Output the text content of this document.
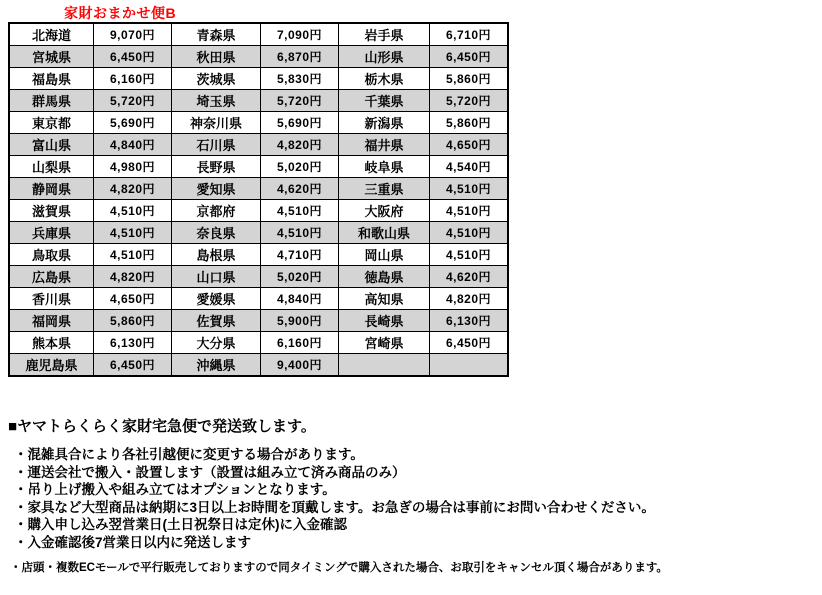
家財おまかせ便B
北海道	9,070円	青森県	7,090円	岩手県	6,710円
宮城県	6,450円	秋田県	6,870円	山形県	6,450円
福島県	6,160円	茨城県	5,830円	栃木県	5,860円
群馬県	5,720円	埼玉県	5,720円	千葉県	5,720円
東京都	5,690円	神奈川県	5,690円	新潟県	5,860円
富山県	4,840円	石川県	4,820円	福井県	4,650円
山梨県	4,980円	長野県	5,020円	岐阜県	4,540円
静岡県	4,820円	愛知県	4,620円	三重県	4,510円
滋賀県	4,510円	京都府	4,510円	大阪府	4,510円
兵庫県	4,510円	奈良県	4,510円	和歌山県	4,510円
鳥取県	4,510円	島根県	4,710円	岡山県	4,510円
広島県	4,820円	山口県	5,020円	徳島県	4,620円
香川県	4,650円	愛媛県	4,840円	高知県	4,820円
福岡県	5,860円	佐賀県	5,900円	長崎県	6,130円
熊本県	6,130円	大分県	6,160円	宮崎県	6,450円
鹿児島県	6,450円	沖縄県	9,400円		
■ヤマトらくらく家財宅急便で発送致します。
・混雑具合により各社引越便に変更する場合があります。
・運送会社で搬入・設置します（設置は組み立て済み商品のみ）
・吊り上げ搬入や組み立てはオプションとなります。
・家具など大型商品は納期に3日以上お時間を頂戴します。お急ぎの場合は事前にお問い合わせください。
・購入申し込み翌営業日(土日祝祭日は定休)に入金確認
・入金確認後7営業日以内に発送します
・店頭・複数ECモールで平行販売しておりますので同タイミングで購入された場合、お取引をキャンセル頂く場合があります。
